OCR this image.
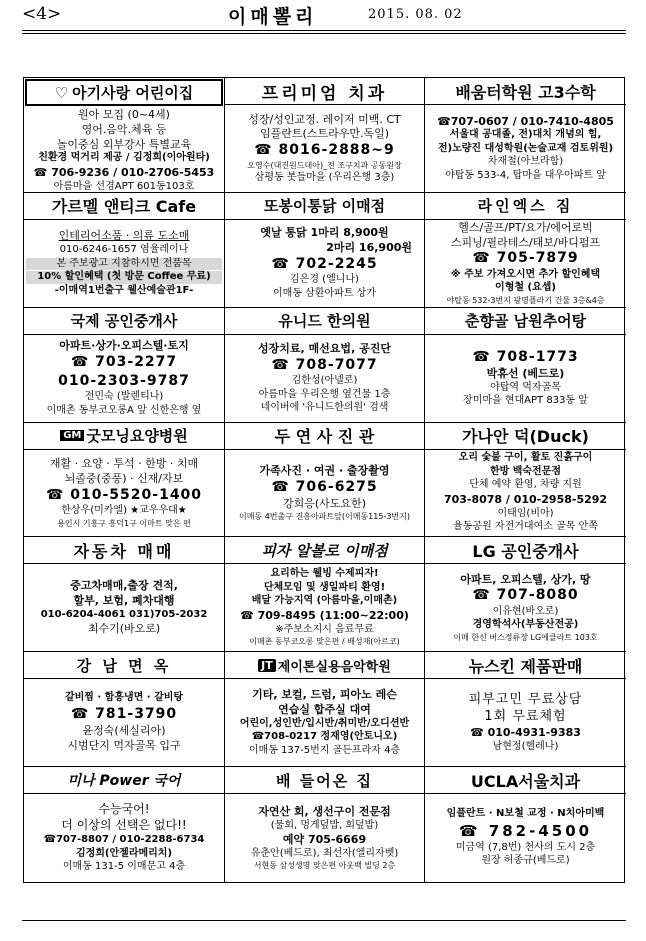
<4>	이매뽈리	2015. 08. 02
♡ 아기사랑 어린이집
원아 모집 (0~4세)
영어.음악.체육 등
놀이중심 외부강사 특별교육
친환경 먹거리 제공 / 김정희(이아원타)
☎ 706-9236 / 010-2706-5453
아름마을 선경APT 601동103호
프리미엄 치과
성장/성인교정. 레이저 미백. CT
임플란트(스트라우만.독일)
☎ 8016-2888~9
오영수(대진원드대아)_전 조구치과 공동원장
삼평동 봇들마을 (우리은행 3층)
배움터학원 고3수학
☎707-0607 / 010-7410-4805
서울대 공대졸, 전)대치 개념의 힘,
전)노량진 대성학원(논술교재 검토위원)
차재철(아브라함)
야탑동 533-4, 탑마을 대우아파트 앞
가르멜 앤티크 Cafe
인테리어소품 · 의류 도소매
010-6246-1657 염율레이나
본 주보광고 지참하시면 전품목
10% 할인혜택 (첫 방문 Coffee 무료)
-이매역1번출구 웰산예술관1F-
또봉이통닭 이매점
옛날 통닭 1마리 8,900원
2마리 16,900원
☎ 702-2245
김은경 (엘니나)
이매동 삼환아파트 상가
라인엑스 짐
헬스/골프/PT/요가/에어로빅
스피닝/필라테스/태보/바디펌프
☎ 705-7879
※ 주보 가져오시면 추가 할인혜택
이형철 (요셉)
야탑동 532-3번지 광명플라기 건물 3층&4층
국제 공인중개사
아파트·상가·오피스텔·토지
☎ 703-2277
010-2303-9787
전민숙 (발렌티나)
이매촌 동부코오롱A 앞 신한은행 옆
유니드 한의원
성장치료, 매선요법, 공진단
☎ 708-7077
김한성(아넬로)
아름마을 우리은행 옆건물 1층
네이버에 '유니드한의원' 검색
춘향골 남원추어탕
☎ 708-1773
박휴선 (베드로)
야탑역 먹자골목
장미마을 현대APT 833동 앞
GM 굿모닝요양병원
재활 · 요양 · 투석 · 한방 · 치매
뇌졸중(중풍) · 신재/자보
☎ 010-5520-1400
한상우(미카엘) ★교우우대★
용인시 기흥구 흥덕1구 이마트 맞은 편
두 연 사 진 관
가족사진 · 여권 · 출장촬영
☎ 706-6275
강희응(사도요한)
이매동 4번출구 진흥아파트앞(이매동115-3번지)
가나안 덕(Duck)
오리 숯불 구이, 활토 진흙구이
한방 백숙전문점
단체 예약 환영, 차량 지원
703-8078 / 010-2958-5292
이태임(비아)
율동공원 자전거대여소 골목 안쪽
자동차 매매
중고차매매,출장 견적,
할부, 보험, 폐차대행
010-6204-4061 031)705-2032
최수기(바오로)
피자 알볼로 이매점
요리하는 웰빙 수제피자!
단체모임 및 생일파티 환영!
배달 가능지역 (아름마을,이매촌)
☎ 709-8495 (11:00~22:00)
※주보소지시 음료무료
이매촌 동부코오롱 맞은편 / 배성재(아르코)
LG 공인중개사
아파트, 오피스텔, 상가, 땅
☎ 707-8080
이유현(바오로)
경영학석사(부동산전공)
이매 한신 버스정류장 LG에클라트 103호
강 남 면 옥
갈비찜 · 함흥냉면 · 갈비탕
☎ 781-3790
윤정숙(세실리아)
시범단지 먹자골목 입구
JT 제이톤실용음악학원
기타, 보컬, 드럼, 피아노 레슨
연습실 합주실 대여
어린이,성인반/입시반/취미반/오디션반
☎708-0217 정재영(안토니오)
이매동 137-5번지 골든프라자 4층
뉴스킨 제품판매
피부고민 무료상담
1회 무료체험
☎ 010-4931-9383
남현정(헬레나)
미나 Power 국어
수능국어!
더 이상의 선택은 없다!!
☎707-8807 / 010-2288-6734
김정희(안젤라메리치)
이매동 131-5 이매문고 4층
배 들어온 집
자연산 회, 생선구이 전문점
(물회, 멍게덮밥, 회덮밥)
예약 705-6669
유춘안(베드로), 최선자(엘리자벳)
서현동 삼성생명 맞은편 아웃백 빌딩 2층
UCLA서울치과
임플란트 · N보철 교정 · N치아미백
☎ 782-4500
미금역 (7,8번) 천사의 도시 2층
원장 허종규(베드로)
